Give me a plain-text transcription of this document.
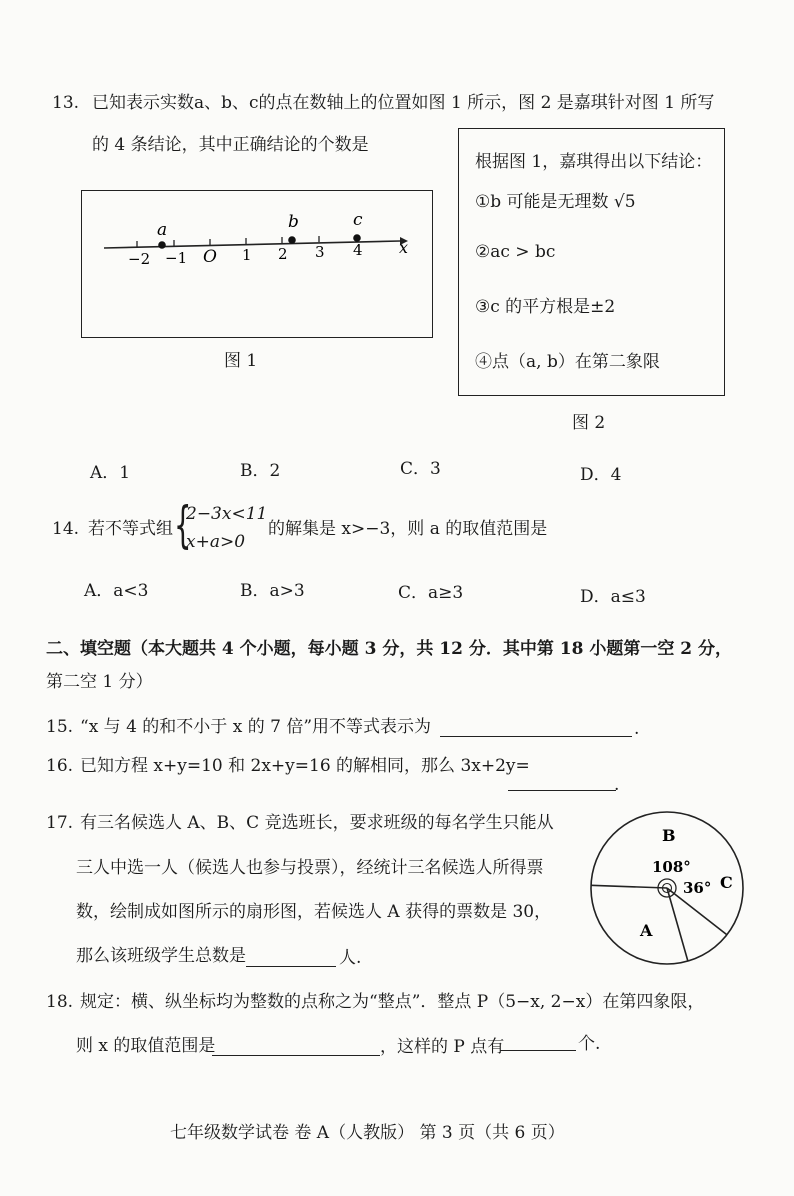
13. 已知表示实数a、b、c的点在数轴上的位置如图 1 所示，图 2 是嘉琪针对图 1 所写
的 4 条结论，其中正确结论的个数是
−2 −1 O 1 2 3 4
a	b	c
x
图 1
根据图 1，嘉琪得出以下结论：
①b 可能是无理数 √5
②ac > bc
③c 的平方根是±2
④点（a, b）在第二象限
图 2
A．1	B．2	C．3	D．4
14. 若不等式组 {
2−3x<11
x+a>0
的解集是 x>−3，则 a 的取值范围是
A．a<3	B．a>3	C．a≥3	D．a≤3
二、填空题（本大题共 4 个小题，每小题 3 分，共 12 分．其中第 18 小题第一空 2 分，
第二空 1 分）
15. “x 与 4 的和不小于 x 的 7 倍”用不等式表示为	.
16. 已知方程 x+y=10 和 2x+y=16 的解相同，那么 3x+2y=
.
17. 有三名候选人 A、B、C 竞选班长，要求班级的每名学生只能从
三人中选一人（候选人也参与投票），经统计三名候选人所得票
数，绘制成如图所示的扇形图，若候选人 A 获得的票数是 30，
那么该班级学生总数是	人.
B
108°
36° C
A
18. 规定：横、纵坐标均为整数的点称之为“整点”．整点 P（5−x, 2−x）在第四象限，
则 x 的取值范围是	，这样的 P 点有	个.
七年级数学试卷 卷 A（人教版） 第 3 页（共 6 页）
